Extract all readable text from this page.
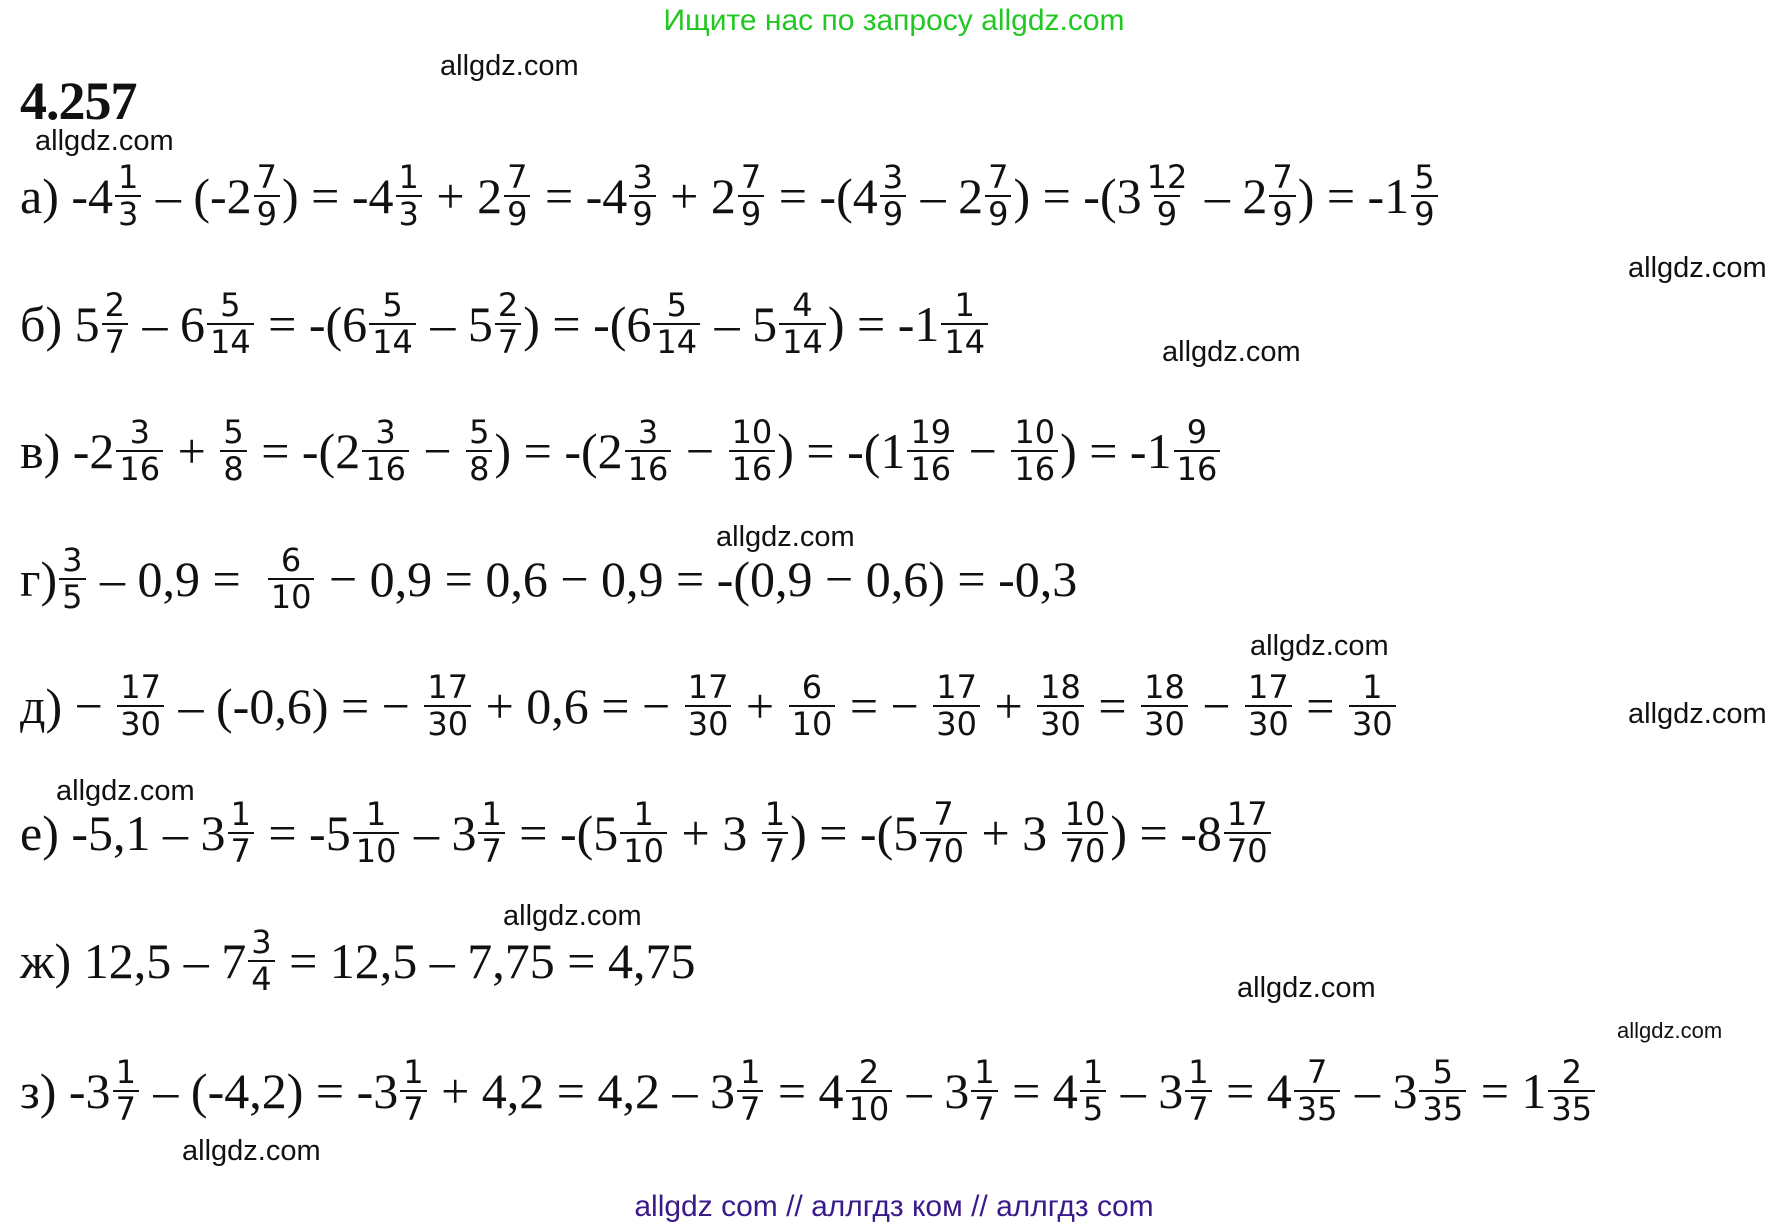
Ищите нас по запросу allgdz.com
4.257
allgdz.com
allgdz.com
allgdz.com
allgdz.com
allgdz.com
allgdz.com
allgdz.com
allgdz.com
allgdz.com
allgdz.com
allgdz.com
allgdz.com
а) $-4 \frac{1}{3} - (-2 \frac{7}{9}$ ) = $-4 \frac{1}{3} + 2 \frac{7}{9} = -4 \frac{3}{9} + 2 \frac{7}{9} = -(4 \frac{3}{9} - 2 \frac{7}{9}$ ) = $-(3 \frac{12}{9} - 2 \frac{7}{9}$ ) = $-1 \frac{5}{9}$
б) $5 \frac{2}{7} - 6 \frac{5}{14} = -(6 \frac{5}{14} - 5 \frac{2}{7}$ ) = $-(6 \frac{5}{14} - 5 \frac{4}{14}$ ) = $-1 \frac{1}{14}$
в) $-2 \frac{3}{16} + \frac{5}{8} = -(2 \frac{3}{16} - \frac{5}{8}$ ) = $-(2 \frac{3}{16} - \frac{10}{16}$ ) = $-(1 \frac{19}{16} - \frac{10}{16}$ ) = $-1 \frac{9}{16}$
$г) \frac{3}{5} - 0,9 = \frac{6}{10} - 0,9 = 0,6 - 0,9 = -(0,9 - 0,6) = -0,3$
$д) - \frac{17}{30} - (-0,6)$ = − $\frac{17}{30} + 0,6$ = − $\frac{17}{30} + \frac{6}{10}$ = − $\frac{17}{30} + \frac{18}{30} = \frac{18}{30} - \frac{17}{30} = \frac{1}{30}$
е) $-5,1 - 3 \frac{1}{7} = -5 \frac{1}{10} - 3 \frac{1}{7} = -(5 \frac{1}{10} + 3 \frac{1}{7}$ ) = $-(5 \frac{7}{70} + 3 \frac{10}{70}$ ) = $-8 \frac{17}{70}$
ж) $12,5 - 7 \frac{3}{4} = 12,5 - 7,75 = 4,75$
з) $-3 \frac{1}{7} - (-4,2) = -3 \frac{1}{7} + 4,2 = 4,2 - 3 \frac{1}{7} = 4 \frac{2}{10} - 3 \frac{1}{7} = 4 \frac{1}{5} - 3 \frac{1}{7} = 4 \frac{7}{35} - 3 \frac{5}{35} = 1 \frac{2}{35}$
allgdz com // аллгдз ком // аллгдз com
